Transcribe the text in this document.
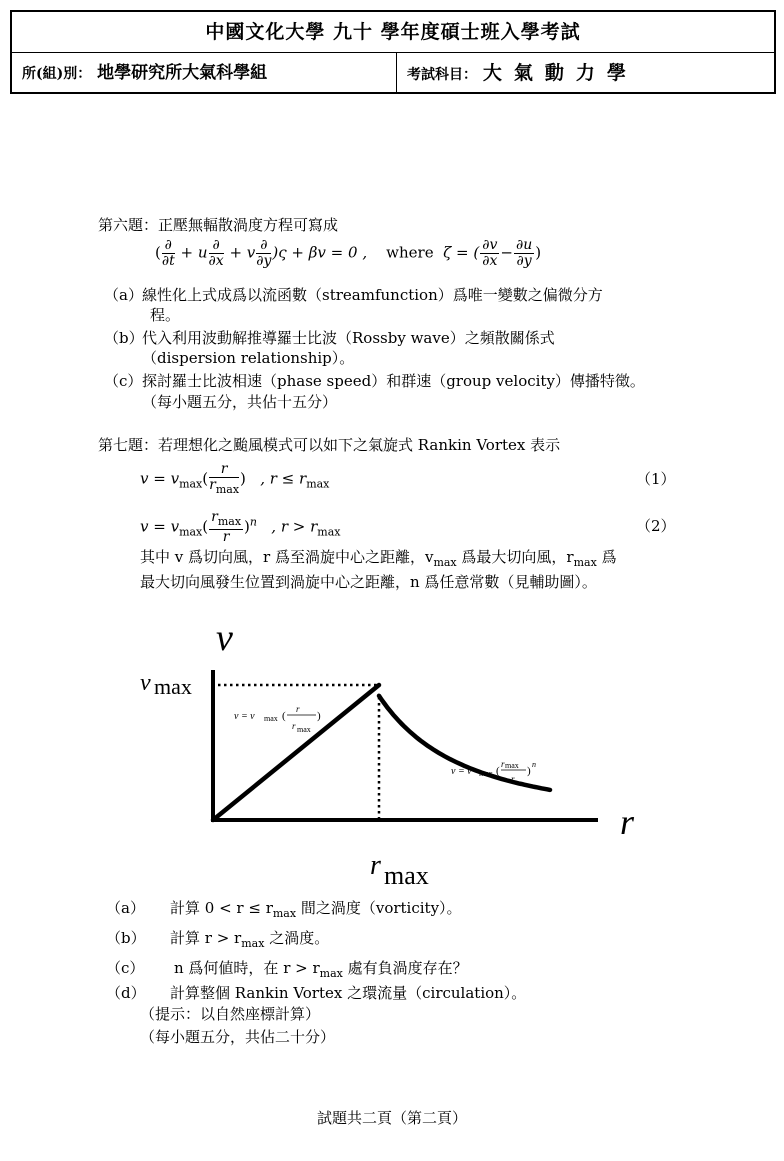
中國文化大學 九十 學年度碩士班入學考試
所(組)別： 地學研究所大氣科學組	考試科目： 大氣動力學
第六題：正壓無輻散渦度方程可寫成
( $\frac{\partial}{\partial t} + u \frac{\partial}{\partial x} + v \frac{\partial}{\partial y} )\varsigma + \beta v = 0$ , where ζ = ( $\frac{\partial v}{\partial x} - \frac{\partial u}{\partial y}$ )
（a）線性化上式成爲以流函數（streamfunction）爲唯一變數之偏微分方
程。
（b）代入利用波動解推導羅士比波（Rossby wave）之頻散關係式
（dispersion relationship）。
（c）探討羅士比波相速（phase speed）和群速（group velocity）傳播特徵。
（每小題五分，共佔十五分）
第七題：若理想化之颱風模式可以如下之氣旋式 Rankin Vortex 表示
$v = v_{max}( \frac{r}{r_{max}}$ ) , $r \le r_{max}$	（1）
$v = v_{max}( \frac{r_{max}}{r} )^n$ , $r > r_{max}$	（2）
其中 v 爲切向風，r 爲至渦旋中心之距離，$v_{max}$ 爲最大切向風，$r_{max}$ 爲
最大切向風發生位置到渦旋中心之距離，n 爲任意常數（見輔助圖）。
v
r
v max
r max
v = v max (
r
r max
)
v = v max (
r max
r
)
n
（a） 計算 $0 < r \le r_{max}$ 間之渦度（vorticity）。
（b） 計算 $r > r_{max}$ 之渦度。
（c） n 爲何値時，在 $r > r_{max}$ 處有負渦度存在？
（d） 計算整個 Rankin Vortex 之環流量（circulation）。
（提示：以自然座標計算）
（每小題五分，共佔二十分）
試題共二頁（第二頁）
